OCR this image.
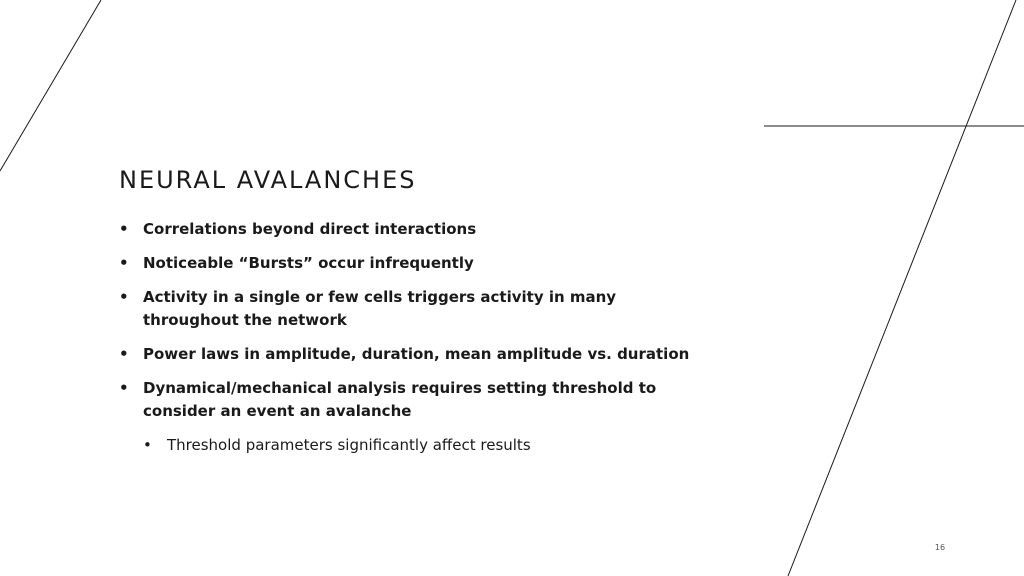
NEURAL AVALANCHES
• Correlations beyond direct interactions
• Noticeable “Bursts” occur infrequently
• Activity in a single or few cells triggers activity in many throughout the network
• Power laws in amplitude, duration, mean amplitude vs. duration
• Dynamical/mechanical analysis requires setting threshold to consider an event an avalanche
• Threshold parameters significantly affect results
16
